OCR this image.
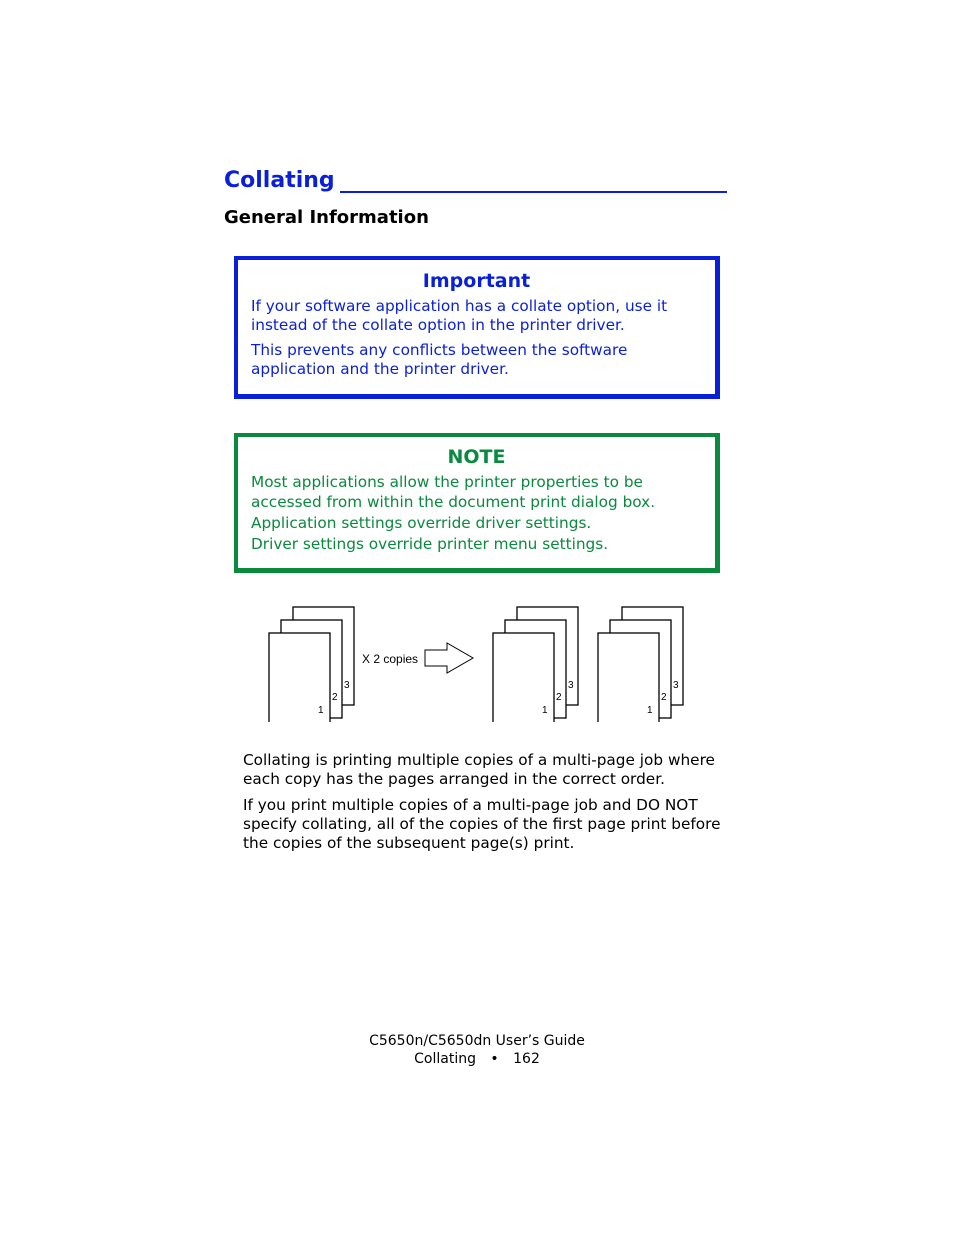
Collating
General Information
Important
If your software application has a collate option, use it instead of the collate option in the printer driver.
This prevents any conflicts between the software application and the printer driver.
NOTE
Most applications allow the printer properties to be
accessed from within the document print dialog box.
Application settings override driver settings.
Driver settings override printer menu settings.
3
2
1
X 2 copies
3
2
1
3
2
1
Collating is printing multiple copies of a multi-page job where each copy has the pages arranged in the correct order.
If you print multiple copies of a multi-page job and DO NOT specify collating, all of the copies of the first page print before the copies of the subsequent page(s) print.
C5650n/C5650dn User’s Guide
Collating • 162
